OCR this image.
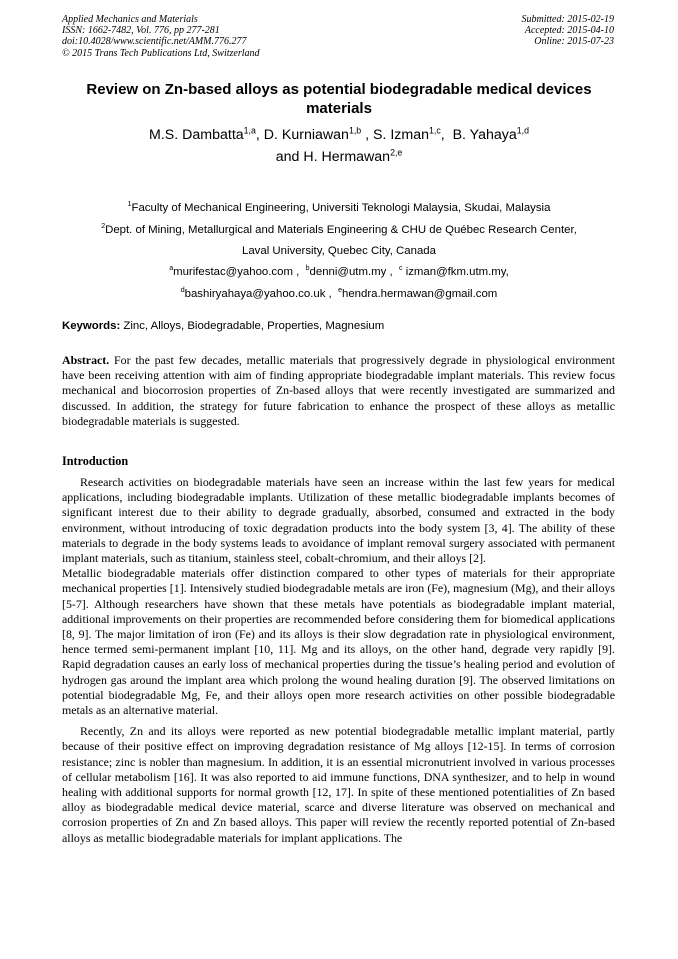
Applied Mechanics and Materials
ISSN: 1662-7482, Vol. 776, pp 277-281
doi:10.4028/www.scientific.net/AMM.776.277
© 2015 Trans Tech Publications Ltd, Switzerland
Submitted: 2015-02-19
Accepted: 2015-04-10
Online: 2015-07-23
Review on Zn-based alloys as potential biodegradable medical devices materials
M.S. Dambatta$^{1,a}$, D. Kurniawan$^{1,b}$ , S. Izman$^{1,c}$,  B. Yahaya$^{1,d}$
and H. Hermawan$^{2,e}$
$^1$Faculty of Mechanical Engineering, Universiti Teknologi Malaysia, Skudai, Malaysia
$^2$Dept. of Mining, Metallurgical and Materials Engineering & CHU de Québec Research Center,
Laval University, Quebec City, Canada
$^a$murifestac@yahoo.com ,  $^b$denni@utm.my ,  $^c$ izman@fkm.utm.my,
$^d$bashiryahaya@yahoo.co.uk ,  $^e$hendra.hermawan@gmail.com
Keywords: Zinc, Alloys, Biodegradable, Properties, Magnesium
Abstract. For the past few decades, metallic materials that progressively degrade in physiological environment have been receiving attention with aim of finding appropriate biodegradable implant materials. This review focus mechanical and biocorrosion properties of Zn-based alloys that were recently investigated are summarized and discussed. In addition, the strategy for future fabrication to enhance the prospect of these alloys as metallic biodegradable materials is suggested.
Introduction

Research activities on biodegradable materials have seen an increase within the last few years for medical applications, including biodegradable implants. Utilization of these metallic biodegradable implants becomes of significant interest due to their ability to degrade gradually, absorbed, consumed and extracted in the body environment, without introducing of toxic degradation products into the body system [3, 4]. The ability of these materials to degrade in the body systems leads to avoidance of implant removal surgery associated with permanent implant materials, such as titanium, stainless steel, cobalt-chromium, and their alloys [2].

Metallic biodegradable materials offer distinction compared to other types of materials for their appropriate mechanical properties [1]. Intensively studied biodegradable metals are iron (Fe), magnesium (Mg), and their alloys [5-7]. Although researchers have shown that these metals have potentials as biodegradable implant material, additional improvements on their properties are recommended before considering them for biomedical applications [8, 9]. The major limitation of iron (Fe) and its alloys is their slow degradation rate in physiological environment, hence termed semi-permanent implant [10, 11]. Mg and its alloys, on the other hand, degrade very rapidly [9]. Rapid degradation causes an early loss of mechanical properties during the tissue’s healing period and evolution of hydrogen gas around the implant area which prolong the wound healing duration [9]. The observed limitations on potential biodegradable Mg, Fe, and their alloys open more research activities on other possible biodegradable metals as an alternative material.

Recently, Zn and its alloys were reported as new potential biodegradable metallic implant material, partly because of their positive effect on improving degradation resistance of Mg alloys [12-15]. In terms of corrosion resistance; zinc is nobler than magnesium. In addition, it is an essential micronutrient involved in various processes of cellular metabolism [16]. It was also reported to aid immune functions, DNA synthesizer, and to help in wound healing with additional supports for normal growth [12, 17]. In spite of these mentioned potentialities of Zn based alloy as biodegradable medical device material, scarce and diverse literature was observed on mechanical and corrosion properties of Zn and Zn based alloys. This paper will review the recently reported potential of Zn-based alloys as metallic biodegradable materials for implant applications. The
